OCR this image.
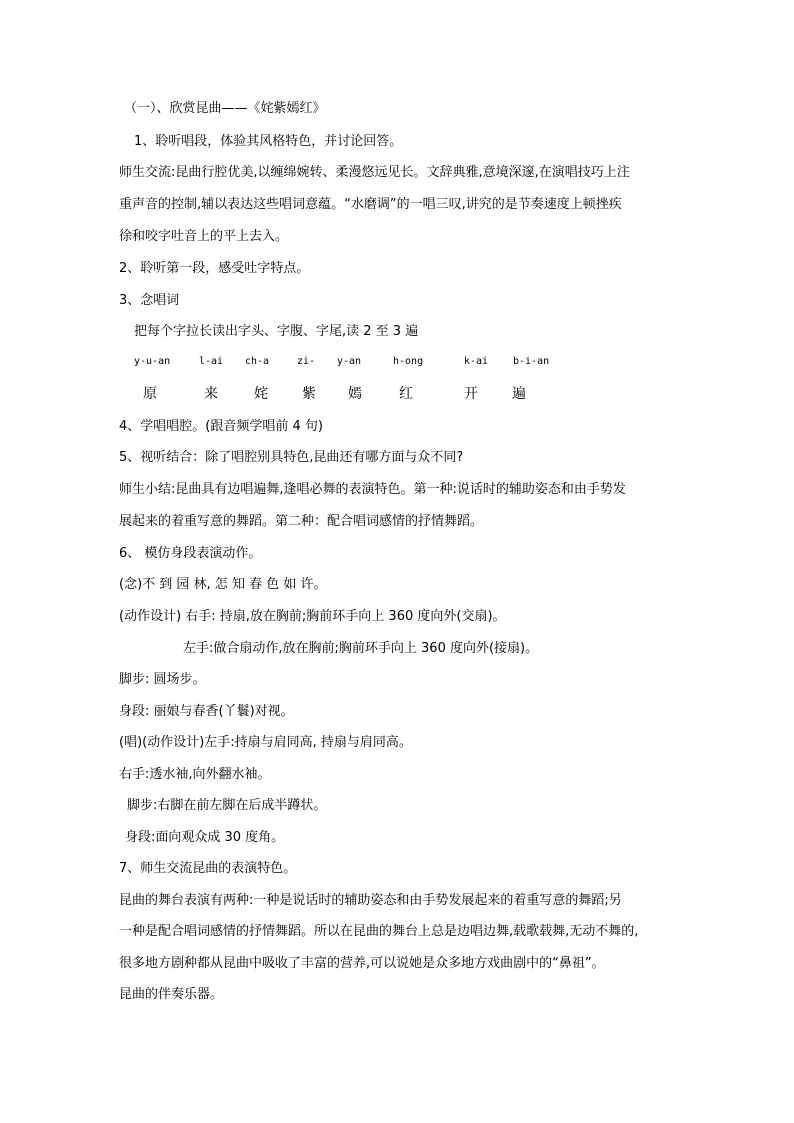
（一）、欣赏昆曲——《姹紫嫣红》
1、聆听唱段，体验其风格特色，并讨论回答。
师生交流:昆曲行腔优美,以缠绵婉转、柔漫悠远见长。文辞典雅,意境深邃,在演唱技巧上注
重声音的控制,辅以表达这些唱词意蕴。“水磨调”的一唱三叹,讲究的是节奏速度上顿挫疾
徐和咬字吐音上的平上去入。
2、聆听第一段，感受吐字特点。
3、念唱词
把每个字拉长读出字头、字腹、字尾,读 2 至 3 遍
y-u-an	l-ai ch-a	zi- y-an	h-ong	k-ai b-i-an
原	来	姹 紫 嫣	红	开 遍
4、学唱唱腔。(跟音频学唱前 4 句)
5、视听结合：除了唱腔别具特色,昆曲还有哪方面与众不同?
师生小结:昆曲具有边唱遍舞,逢唱必舞的表演特色。第一种:说话时的辅助姿态和由手势发
展起来的着重写意的舞蹈。第二种：配合唱词感情的抒情舞蹈。
6、 模仿身段表演动作。
(念)不 到 园 林, 怎 知 春 色 如 许。
(动作设计) 右手: 持扇,放在胸前;胸前环手向上 360 度向外(交扇)。
左手:做合扇动作,放在胸前;胸前环手向上 360 度向外(接扇)。
脚步: 圆场步。
身段: 丽娘与春香(丫鬟)对视。
(唱)(动作设计)左手:持扇与肩同高, 持扇与肩同高。
右手:透水袖,向外翻水袖。
脚步:右脚在前左脚在后成半蹲状。
身段:面向观众成 30 度角。
7、师生交流昆曲的表演特色。
昆曲的舞台表演有两种:一种是说话时的辅助姿态和由手势发展起来的着重写意的舞蹈;另
一种是配合唱词感情的抒情舞蹈。所以在昆曲的舞台上总是边唱边舞,载歌载舞,无动不舞的,
很多地方剧种都从昆曲中吸收了丰富的营养,可以说她是众多地方戏曲剧中的“鼻祖”。
昆曲的伴奏乐器。
